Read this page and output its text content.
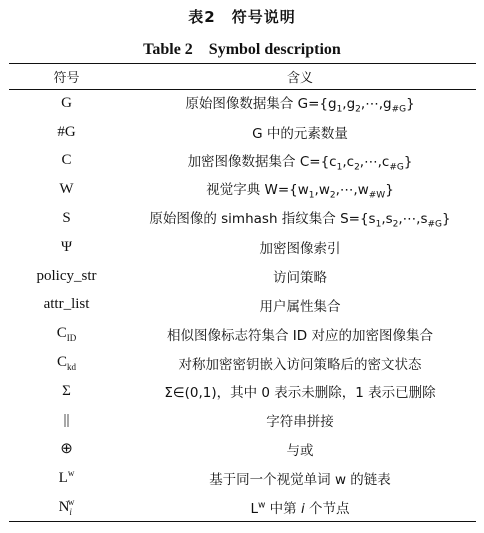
表2　符号说明
Table 2　Symbol description
符号	含义
G	原始图像数据集合 $G=\{g_1,g_2,\cdots,g_{\#G}\}$
#G	G 中的元素数量
C	加密图像数据集合 $C=\{c_1,c_2,\cdots,c_{\#G}\}$
W	视觉字典 $W=\{w_1,w_2,\cdots,w_{\#W}\}$
S	原始图像的 simhash 指纹集合 $S=\{s_1,s_2,\cdots,s_{\#G}\}$
Ψ	加密图像索引
policy_str	访问策略
attr_list	用户属性集合
$C_{ID}$	相似图像标志符集合 ID 对应的加密图像集合
$C_{kd}$	对称加密密钥嵌入访问策略后的密文状态
Σ	Σ∈(0,1)，其中 0 表示未删除，1 表示已删除
||	字符串拼接
⊕	与或
$L^w$	基于同一个视觉单词 w 的链表
$N_i^w$	$L^w$ 中第 i 个节点
